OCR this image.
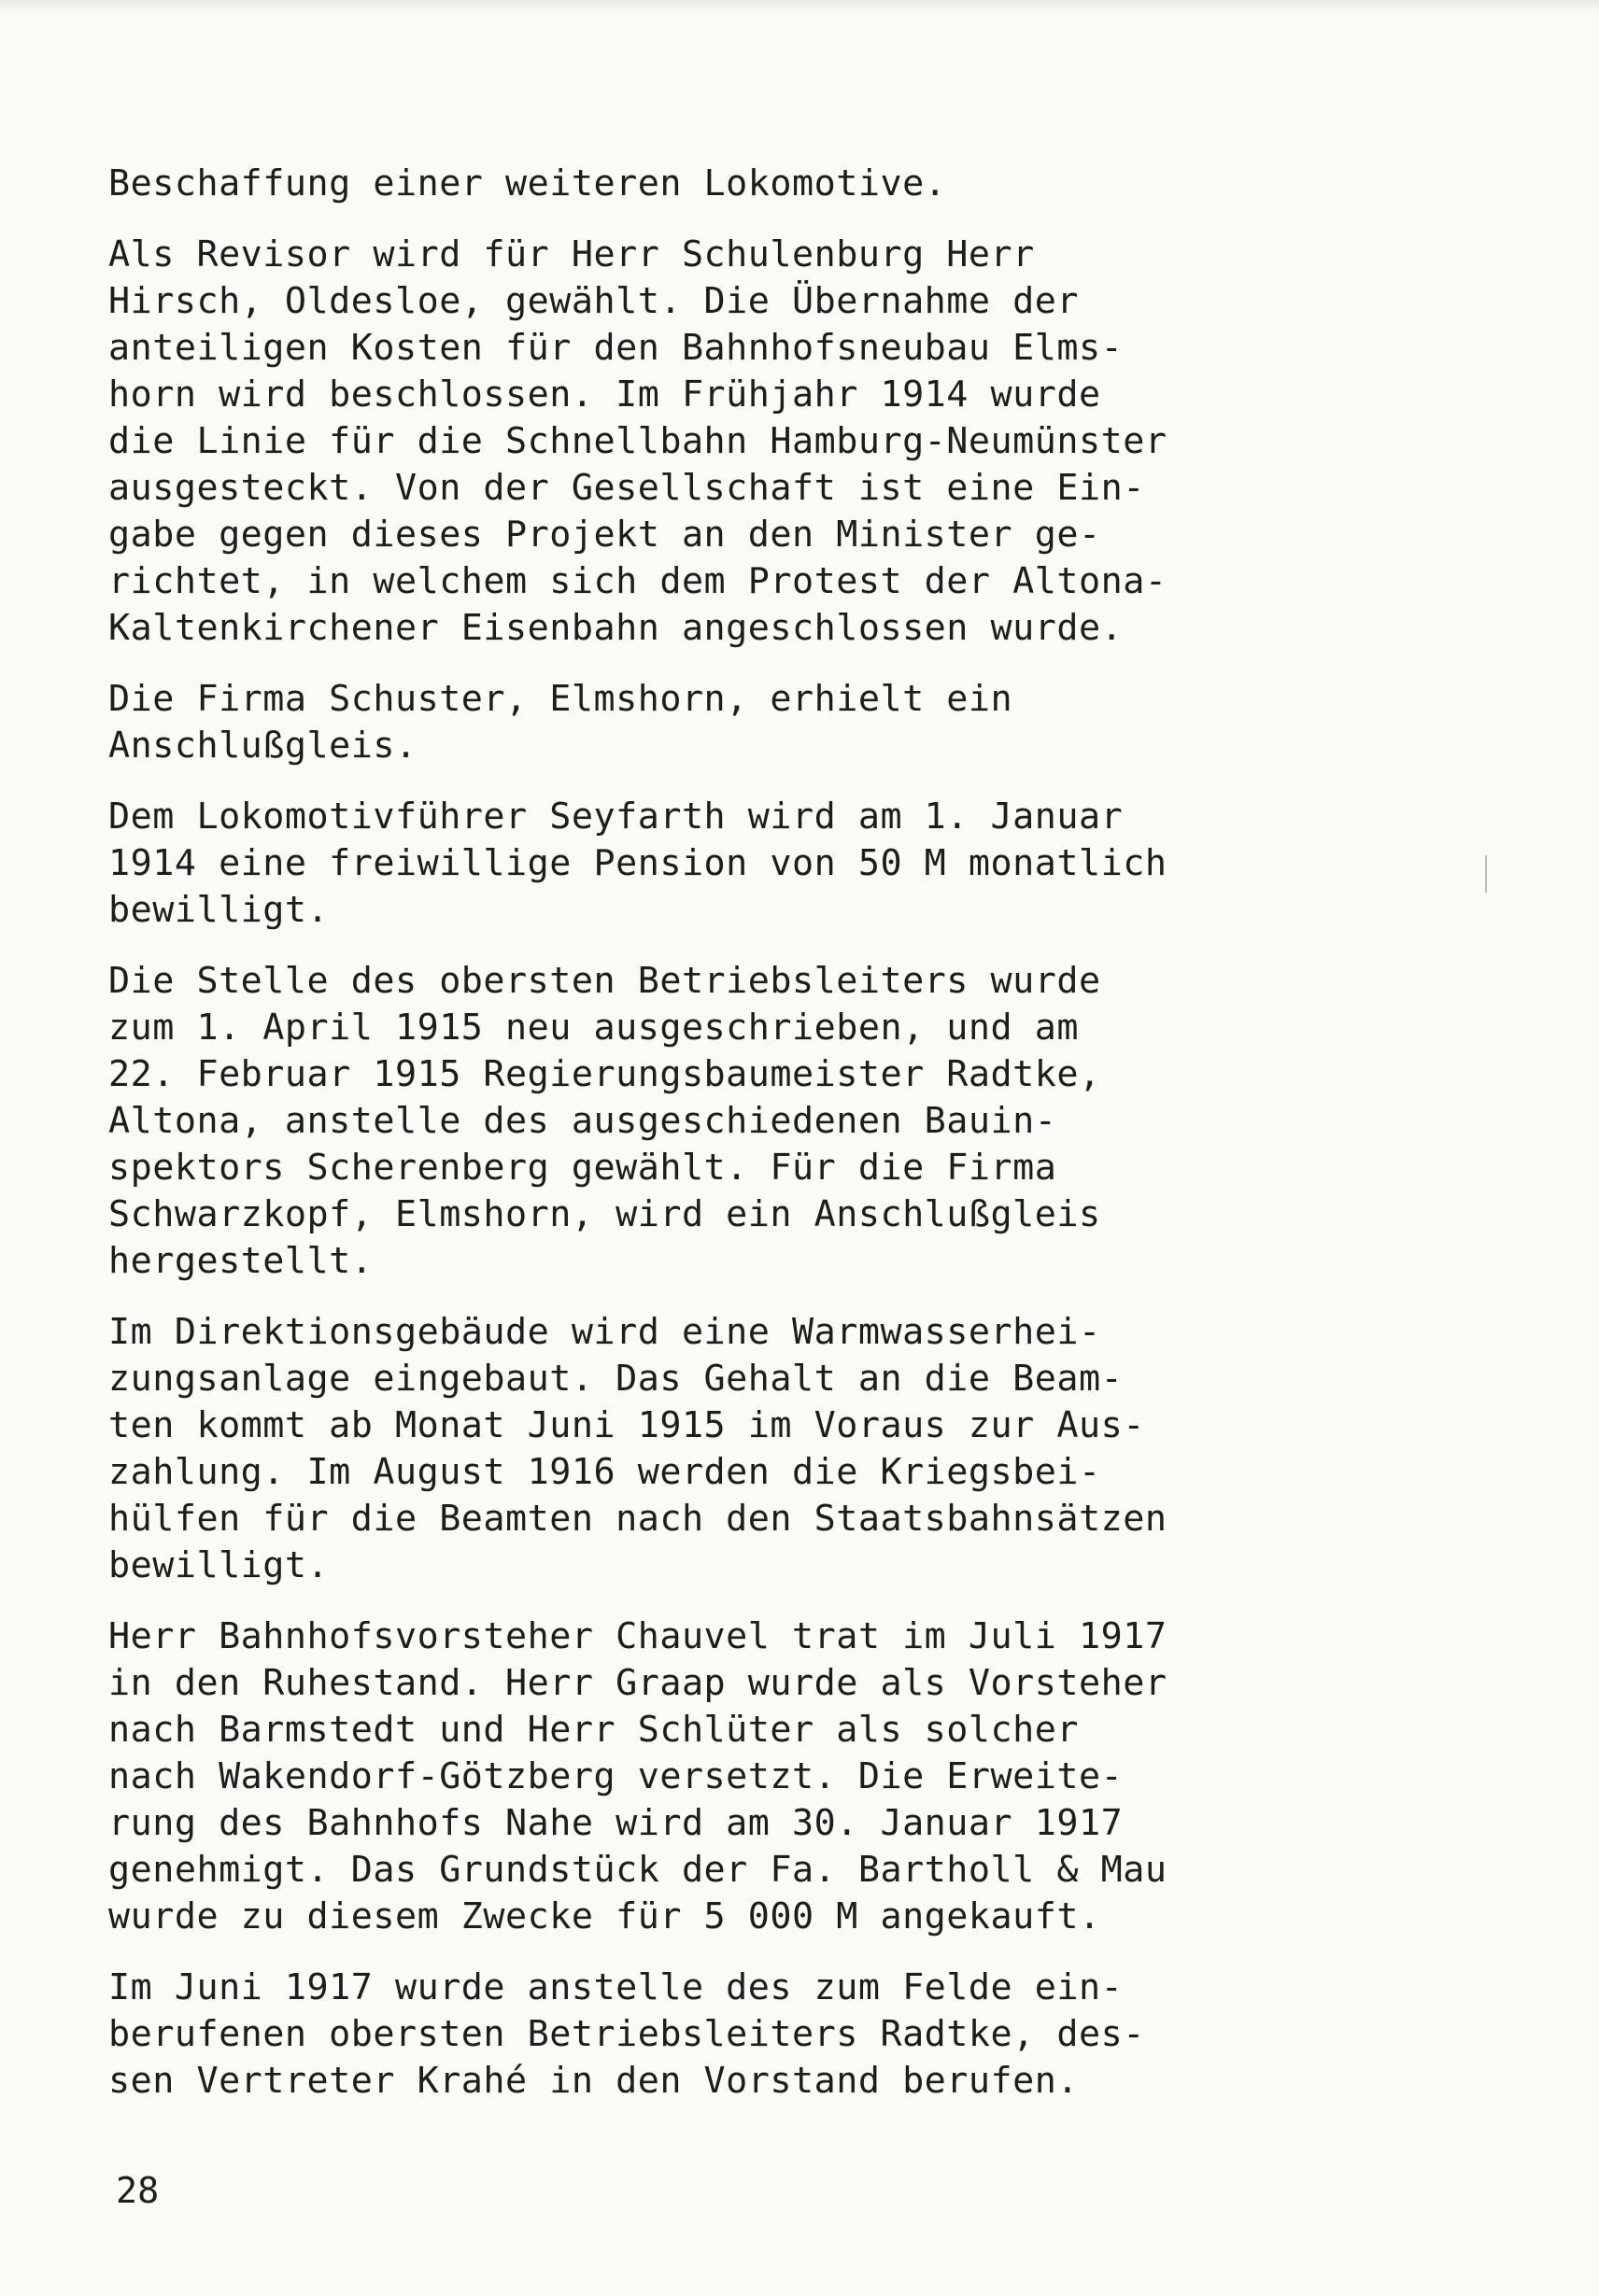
Beschaffung einer weiteren Lokomotive.

Als Revisor wird für Herr Schulenburg Herr
Hirsch, Oldesloe, gewählt. Die Übernahme der
anteiligen Kosten für den Bahnhofsneubau Elms-
horn wird beschlossen. Im Frühjahr 1914 wurde
die Linie für die Schnellbahn Hamburg-Neumünster
ausgesteckt. Von der Gesellschaft ist eine Ein-
gabe gegen dieses Projekt an den Minister ge-
richtet, in welchem sich dem Protest der Altona-
Kaltenkirchener Eisenbahn angeschlossen wurde.

Die Firma Schuster, Elmshorn, erhielt ein
Anschlußgleis.

Dem Lokomotivführer Seyfarth wird am 1. Januar
1914 eine freiwillige Pension von 50 M monatlich
bewilligt.

Die Stelle des obersten Betriebsleiters wurde
zum 1. April 1915 neu ausgeschrieben, und am
22. Februar 1915 Regierungsbaumeister Radtke,
Altona, anstelle des ausgeschiedenen Bauin-
spektors Scherenberg gewählt. Für die Firma
Schwarzkopf, Elmshorn, wird ein Anschlußgleis
hergestellt.

Im Direktionsgebäude wird eine Warmwasserhei-
zungsanlage eingebaut. Das Gehalt an die Beam-
ten kommt ab Monat Juni 1915 im Voraus zur Aus-
zahlung. Im August 1916 werden die Kriegsbei-
hülfen für die Beamten nach den Staatsbahnsätzen
bewilligt.

Herr Bahnhofsvorsteher Chauvel trat im Juli 1917
in den Ruhestand. Herr Graap wurde als Vorsteher
nach Barmstedt und Herr Schlüter als solcher
nach Wakendorf-Götzberg versetzt. Die Erweite-
rung des Bahnhofs Nahe wird am 30. Januar 1917
genehmigt. Das Grundstück der Fa. Bartholl & Mau
wurde zu diesem Zwecke für 5 000 M angekauft.

Im Juni 1917 wurde anstelle des zum Felde ein-
berufenen obersten Betriebsleiters Radtke, des-
sen Vertreter Krahé in den Vorstand berufen.

28
